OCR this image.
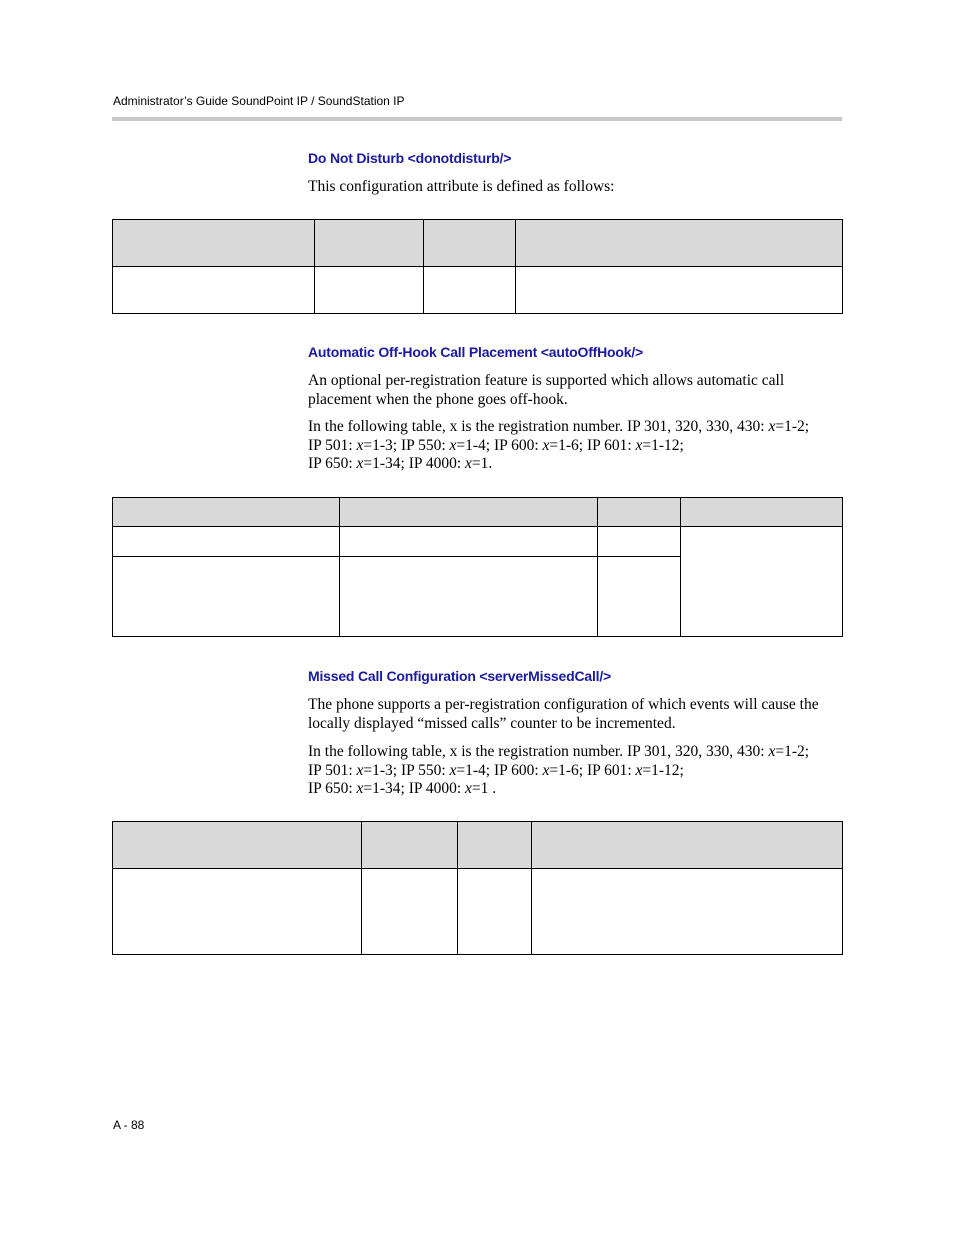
Administrator’s Guide SoundPoint IP / SoundStation IP
Do Not Disturb <donotdisturb/>
This configuration attribute is defined as follows:

Automatic Off-Hook Call Placement <autoOffHook/>
An optional per-registration feature is supported which allows automatic call placement when the phone goes off-hook.
In the following table, x is the registration number. IP 301, 320, 330, 430: x=1-2;
IP 501: x=1-3; IP 550: x=1-4; IP 600: x=1-6; IP 601: x=1-12;
IP 650: x=1-34; IP 4000: x=1.

Missed Call Configuration <serverMissedCall/>
The phone supports a per-registration configuration of which events will cause the locally displayed “missed calls” counter to be incremented.
In the following table, x is the registration number. IP 301, 320, 330, 430: x=1-2;
IP 501: x=1-3; IP 550: x=1-4; IP 600: x=1-6; IP 601: x=1-12;
IP 650: x=1-34; IP 4000: x=1 .

A - 88
